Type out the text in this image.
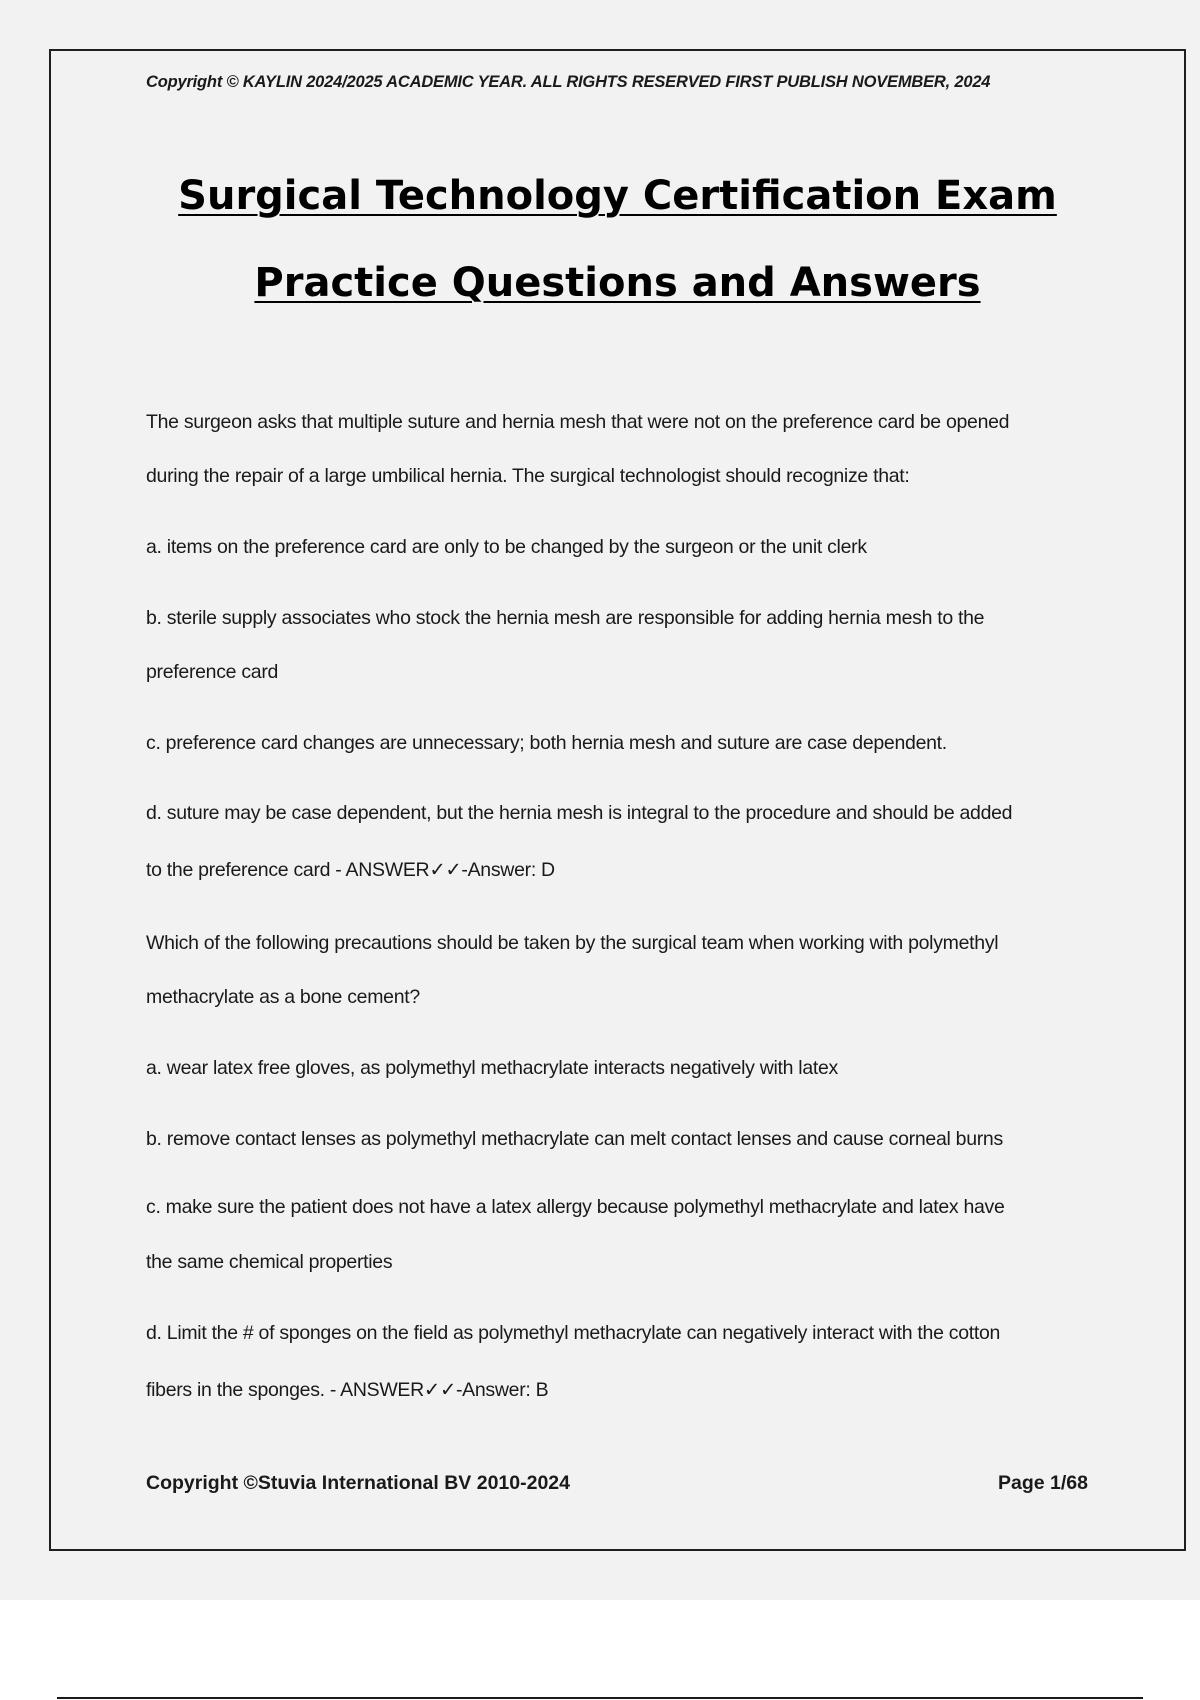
Copyright © KAYLIN 2024/2025 ACADEMIC YEAR. ALL RIGHTS RESERVED FIRST PUBLISH NOVEMBER, 2024
Surgical Technology Certification Exam
Practice Questions and Answers
The surgeon asks that multiple suture and hernia mesh that were not on the preference card be opened
during the repair of a large umbilical hernia. The surgical technologist should recognize that:
a. items on the preference card are only to be changed by the surgeon or the unit clerk
b. sterile supply associates who stock the hernia mesh are responsible for adding hernia mesh to the
preference card
c. preference card changes are unnecessary; both hernia mesh and suture are case dependent.
d. suture may be case dependent, but the hernia mesh is integral to the procedure and should be added
to the preference card - ANSWER✓✓-Answer: D
Which of the following precautions should be taken by the surgical team when working with polymethyl
methacrylate as a bone cement?
a. wear latex free gloves, as polymethyl methacrylate interacts negatively with latex
b. remove contact lenses as polymethyl methacrylate can melt contact lenses and cause corneal burns
c. make sure the patient does not have a latex allergy because polymethyl methacrylate and latex have
the same chemical properties
d. Limit the # of sponges on the field as polymethyl methacrylate can negatively interact with the cotton
fibers in the sponges. - ANSWER✓✓-Answer: B
Copyright ©Stuvia International BV 2010-2024	Page 1/68
